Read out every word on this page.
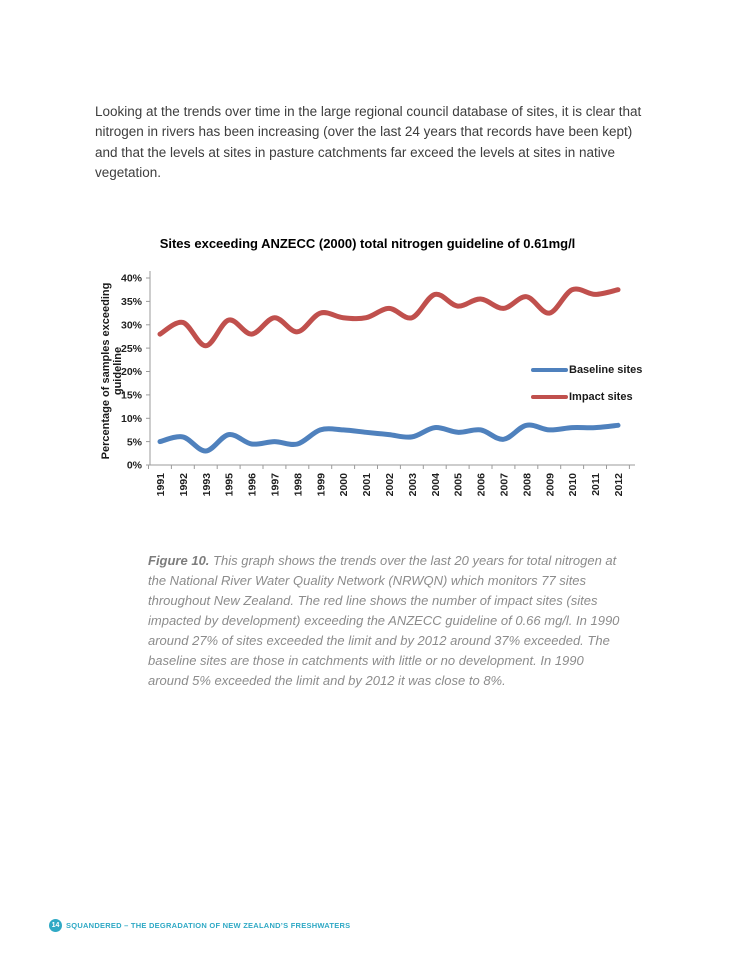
Looking at the trends over time in the large regional council database of sites, it is clear that nitrogen in rivers has been increasing (over the last 24 years that records have been kept) and that the levels at sites in pasture catchments far exceed the levels at sites in native vegetation.

Sites exceeding ANZECC (2000) total nitrogen guideline of 0.61mg/l
0%
5%
10%
15%
20%
25%
30%
35%
40%
1991 1992 1993 1995 1996 1997 1998 1999 2000 2001 2002 2003 2004 2005 2006 2007 2008 2009 2010 2011 2012
Percentage of samples exceeding guideline	Baseline sites
Impact sites

Figure 10. This graph shows the trends over the last 20 years for total nitrogen at the National River Water Quality Network (NRWQN) which monitors 77 sites throughout New Zealand. The red line shows the number of impact sites (sites impacted by development) exceeding the ANZECC guideline of 0.66 mg/l. In 1990 around 27% of sites exceeded the limit and by 2012 around 37% exceeded. The baseline sites are those in catchments with little or no development. In 1990 around 5% exceeded the limit and by 2012 it was close to 8%.

14 SQUANDERED – THE DEGRADATION OF NEW ZEALAND’S FRESHWATERS
